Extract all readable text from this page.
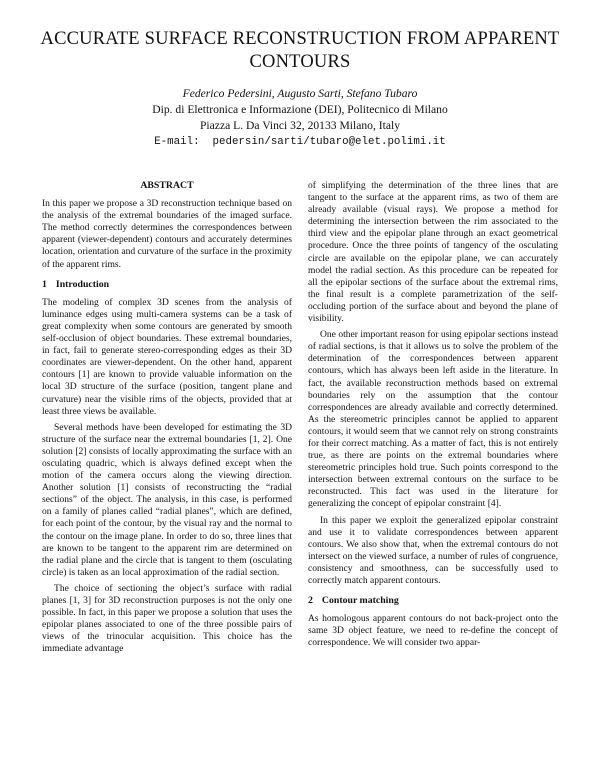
ACCURATE SURFACE RECONSTRUCTION FROM APPARENT CONTOURS
Federico Pedersini, Augusto Sarti, Stefano Tubaro
Dip. di Elettronica e Informazione (DEI), Politecnico di Milano
Piazza L. Da Vinci 32, 20133 Milano, Italy
E-mail:  pedersin/sarti/tubaro@elet.polimi.it
ABSTRACT

In this paper we propose a 3D reconstruction technique based on the analysis of the extremal boundaries of the imaged surface. The method correctly determines the correspondences between apparent (viewer-dependent) contours and accurately determines location, orientation and curvature of the surface in the proximity of the apparent rims.

1 Introduction

The modeling of complex 3D scenes from the analysis of luminance edges using multi-camera systems can be a task of great complexity when some contours are generated by smooth self-occlusion of object boundaries. These extremal boundaries, in fact, fail to generate stereo-corresponding edges as their 3D coordinates are viewer-dependent. On the other hand, apparent contours [1] are known to provide valuable information on the local 3D structure of the surface (position, tangent plane and curvature) near the visible rims of the objects, provided that at least three views be available.

Several methods have been developed for estimating the 3D structure of the surface near the extremal boundaries [1, 2]. One solution [2] consists of locally approximating the surface with an osculating quadric, which is always defined except when the motion of the camera occurs along the viewing direction. Another solution [1] consists of reconstructing the “radial sections” of the object. The analysis, in this case, is performed on a family of planes called “radial planes”, which are defined, for each point of the contour, by the visual ray and the normal to the contour on the image plane. In order to do so, three lines that are known to be tangent to the apparent rim are determined on the radial plane and the circle that is tangent to them (osculating circle) is taken as an local approximation of the radial section.

The choice of sectioning the object’s surface with radial planes [1, 3] for 3D reconstruction purposes is not the only one possible. In fact, in this paper we propose a solution that uses the epipolar planes associated to one of the three possible pairs of views of the trinocular acquisition. This choice has the immediate advantage

of simplifying the determination of the three lines that are tangent to the surface at the apparent rims, as two of them are already available (visual rays). We propose a method for determining the intersection between the rim associated to the third view and the epipolar plane through an exact geometrical procedure. Once the three points of tangency of the osculating circle are available on the epipolar plane, we can accurately model the radial section. As this procedure can be repeated for all the epipolar sections of the surface about the extremal rims, the final result is a complete parametrization of the self-occluding portion of the surface about and beyond the plane of visibility.

One other important reason for using epipolar sections instead of radial sections, is that it allows us to solve the problem of the determination of the correspondences between apparent contours, which has always been left aside in the literature. In fact, the available reconstruction methods based on extremal boundaries rely on the assumption that the contour correspondences are already available and correctly determined. As the stereometric principles cannot be applied to apparent contours, it would seem that we cannot rely on strong constraints for their correct matching. As a matter of fact, this is not entirely true, as there are points on the extremal boundaries where stereometric principles hold true. Such points correspond to the intersection between extremal contours on the surface to be reconstructed. This fact was used in the literature for generalizing the concept of epipolar constraint [4].

In this paper we exploit the generalized epipolar constraint and use it to validate correspondences between apparent contours. We also show that, when the extremal contours do not intersect on the viewed surface, a number of rules of congruence, consistency and smoothness, can be successfully used to correctly match apparent contours.

2 Contour matching

As homologous apparent contours do not back-project onto the same 3D object feature, we need to re-define the concept of correspondence. We will consider two appar-
